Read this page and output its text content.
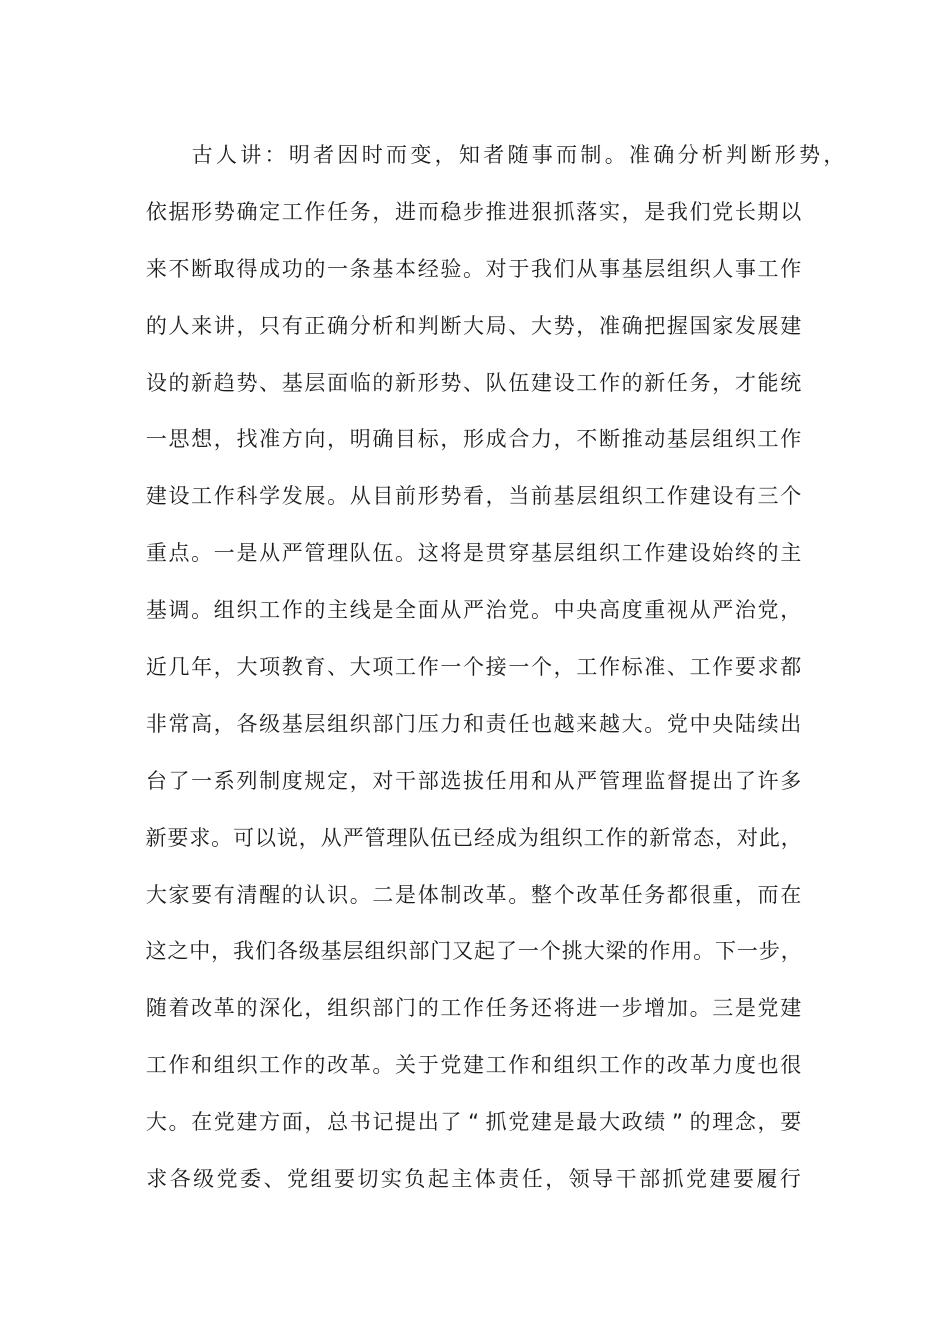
古 人 讲 ： 明 者 因 时 而 变 ， 知 者 随 事 而 制 。 准 确 分 析 判 断 形 势 ，
依 据 形 势 确 定 工 作 任 务 ， 进 而 稳 步 推 进 狠 抓 落 实 ， 是 我 们 党 长 期 以
来 不 断 取 得 成 功 的 一 条 基 本 经 验 。 对 于 我 们 从 事 基 层 组 织 人 事 工 作
的 人 来 讲 ， 只 有 正 确 分 析 和 判 断 大 局 、 大 势 ， 准 确 把 握 国 家 发 展 建
设 的 新 趋 势 、 基 层 面 临 的 新 形 势 、 队 伍 建 设 工 作 的 新 任 务 ， 才 能 统
一 思 想 ， 找 准 方 向 ， 明 确 目 标 ， 形 成 合 力 ， 不 断 推 动 基 层 组 织 工 作
建 设 工 作 科 学 发 展 。 从 目 前 形 势 看 ， 当 前 基 层 组 织 工 作 建 设 有 三 个
重 点 。 一 是 从 严 管 理 队 伍 。 这 将 是 贯 穿 基 层 组 织 工 作 建 设 始 终 的 主
基 调 。 组 织 工 作 的 主 线 是 全 面 从 严 治 党 。 中 央 高 度 重 视 从 严 治 党 ，
近 几 年 ， 大 项 教 育 、 大 项 工 作 一 个 接 一 个 ， 工 作 标 准 、 工 作 要 求 都
非 常 高 ， 各 级 基 层 组 织 部 门 压 力 和 责 任 也 越 来 越 大 。 党 中 央 陆 续 出
台 了 一 系 列 制 度 规 定 ， 对 干 部 选 拔 任 用 和 从 严 管 理 监 督 提 出 了 许 多
新 要 求 。 可 以 说 ， 从 严 管 理 队 伍 已 经 成 为 组 织 工 作 的 新 常 态 ， 对 此 ，
大 家 要 有 清 醒 的 认 识 。 二 是 体 制 改 革 。 整 个 改 革 任 务 都 很 重 ， 而 在
这 之 中 ， 我 们 各 级 基 层 组 织 部 门 又 起 了 一 个 挑 大 梁 的 作 用 。 下 一 步 ，
随 着 改 革 的 深 化 ， 组 织 部 门 的 工 作 任 务 还 将 进 一 步 增 加 。 三 是 党 建
工 作 和 组 织 工 作 的 改 革 。 关 于 党 建 工 作 和 组 织 工 作 的 改 革 力 度 也 很
大 。 在 党 建 方 面 ， 总 书 记 提 出 了 “ 抓 党 建 是 最 大 政 绩 ” 的 理 念 ， 要
求 各 级 党 委 、 党 组 要 切 实 负 起 主 体 责 任 ， 领 导 干 部 抓 党 建 要 履 行
